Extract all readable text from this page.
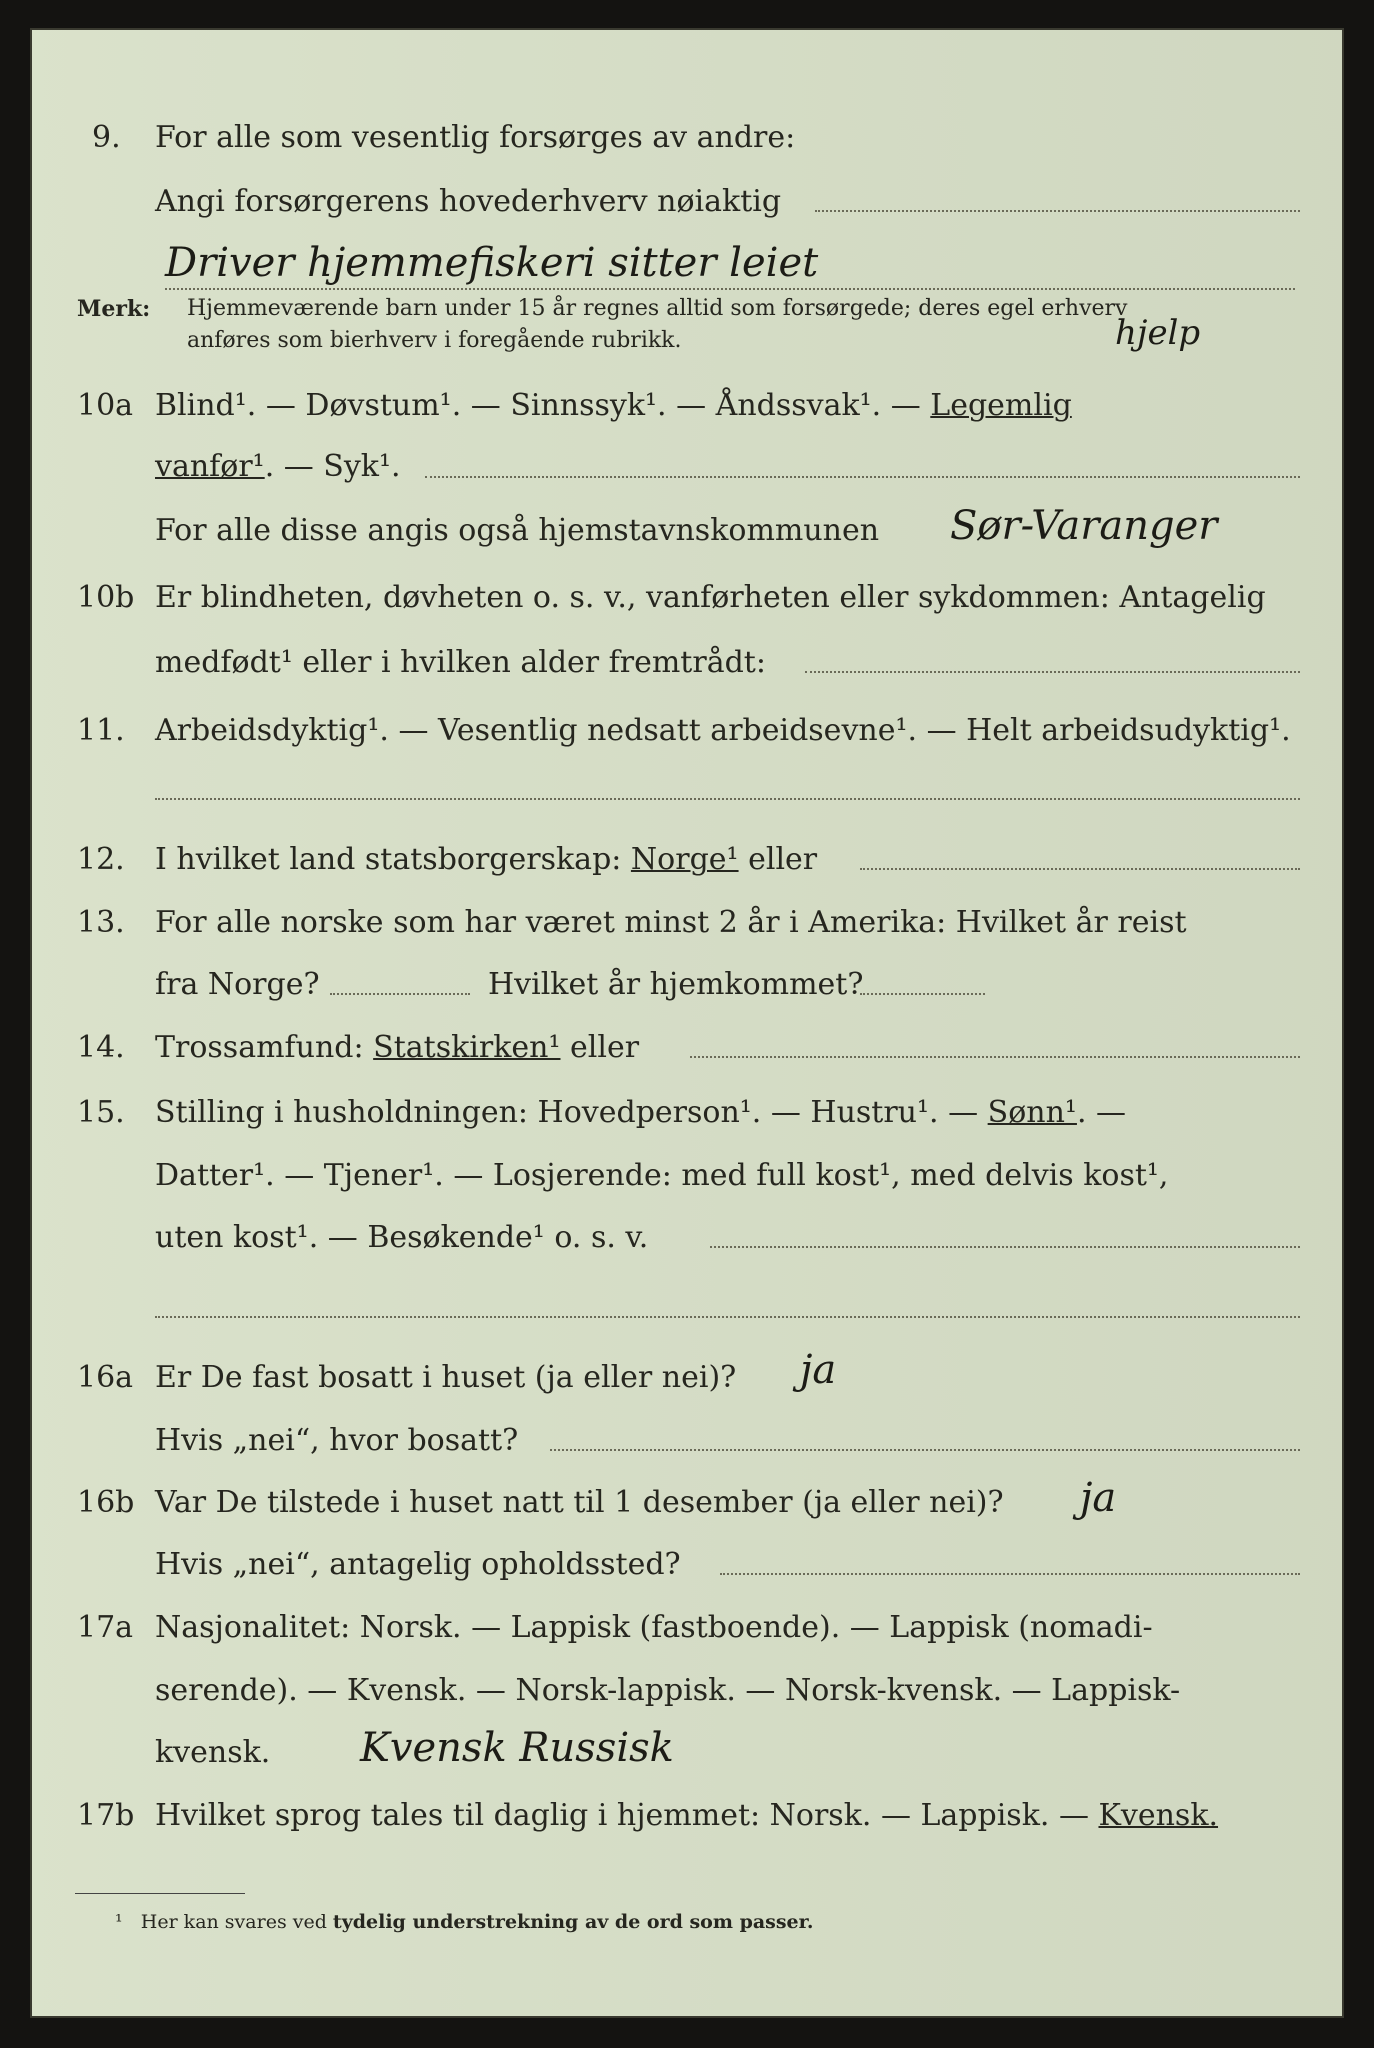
9. For alle som vesentlig forsørges av andre:
Angi forsørgerens hovederhverv nøiaktig
Driver hjemmefiskeri sitter leiet
Merk: Hjemmeværende barn under 15 år regnes alltid som forsørgede; deres egel erhverv
anføres som bierhverv i foregående rubrikk.	hjelp
10a Blind¹. — Døvstum¹. — Sinnssyk¹. — Åndssvak¹. — Legemlig
vanfør¹. — Syk¹.
For alle disse angis også hjemstavnskommunen Sør-Varanger
10b Er blindheten, døvheten o. s. v., vanførheten eller sykdommen: Antagelig
medfødt¹ eller i hvilken alder fremtrådt:
11. Arbeidsdyktig¹. — Vesentlig nedsatt arbeidsevne¹. — Helt arbeidsudyktig¹.
12. I hvilket land statsborgerskap: Norge¹ eller
13. For alle norske som har været minst 2 år i Amerika: Hvilket år reist
fra Norge?	Hvilket år hjemkommet?
14. Trossamfund: Statskirken¹ eller
15. Stilling i husholdningen: Hovedperson¹. — Hustru¹. — Sønn¹. —
Datter¹. — Tjener¹. — Losjerende: med full kost¹, med delvis kost¹,
uten kost¹. — Besøkende¹ o. s. v.
16a Er De fast bosatt i huset (ja eller nei)? ja
Hvis „nei“, hvor bosatt?
16b Var De tilstede i huset natt til 1 desember (ja eller nei)? ja
Hvis „nei“, antagelig opholdssted?
17a Nasjonalitet: Norsk. — Lappisk (fastboende). — Lappisk (nomadi-
serende). — Kvensk. — Norsk-lappisk. — Norsk-kvensk. — Lappisk-
kvensk. Kvensk Russisk
17b Hvilket sprog tales til daglig i hjemmet: Norsk. — Lappisk. — Kvensk.
¹ Her kan svares ved tydelig understrekning av de ord som passer.
